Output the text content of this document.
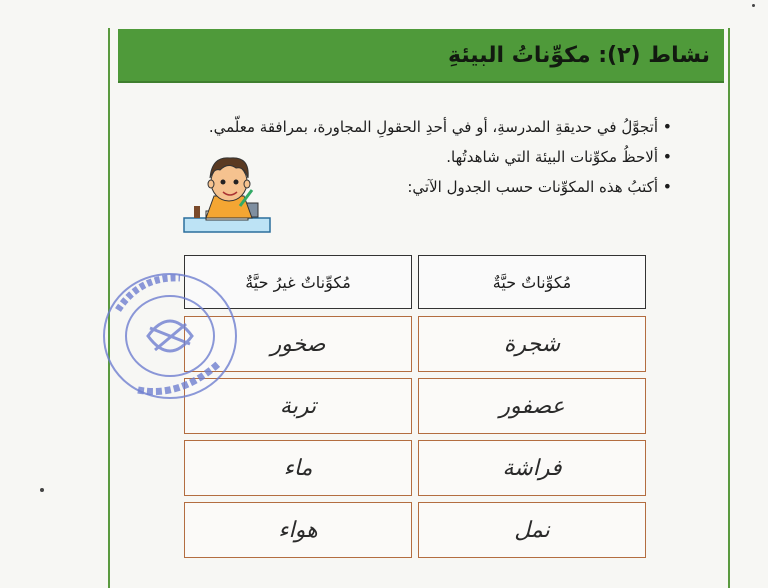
نشاط (٢): مكوِّناتُ البيئةِ
• أتجوَّلُ في حديقةِ المدرسةِ، أو في أحدِ الحقولِ المجاورة، بمرافقة معلّمي.
• ألاحظُ مكوِّنات البيئة التي شاهدتُها.
• أكتبُ هذه المكوِّنات حسب الجدول الآتي:
مُكوِّناتٌ حيَّةٌ
مُكوِّناتٌ غيرُ حيَّةٌ
شجرة
صخور
عصفور
تربة
فراشة
ماء
نمل
هواء
